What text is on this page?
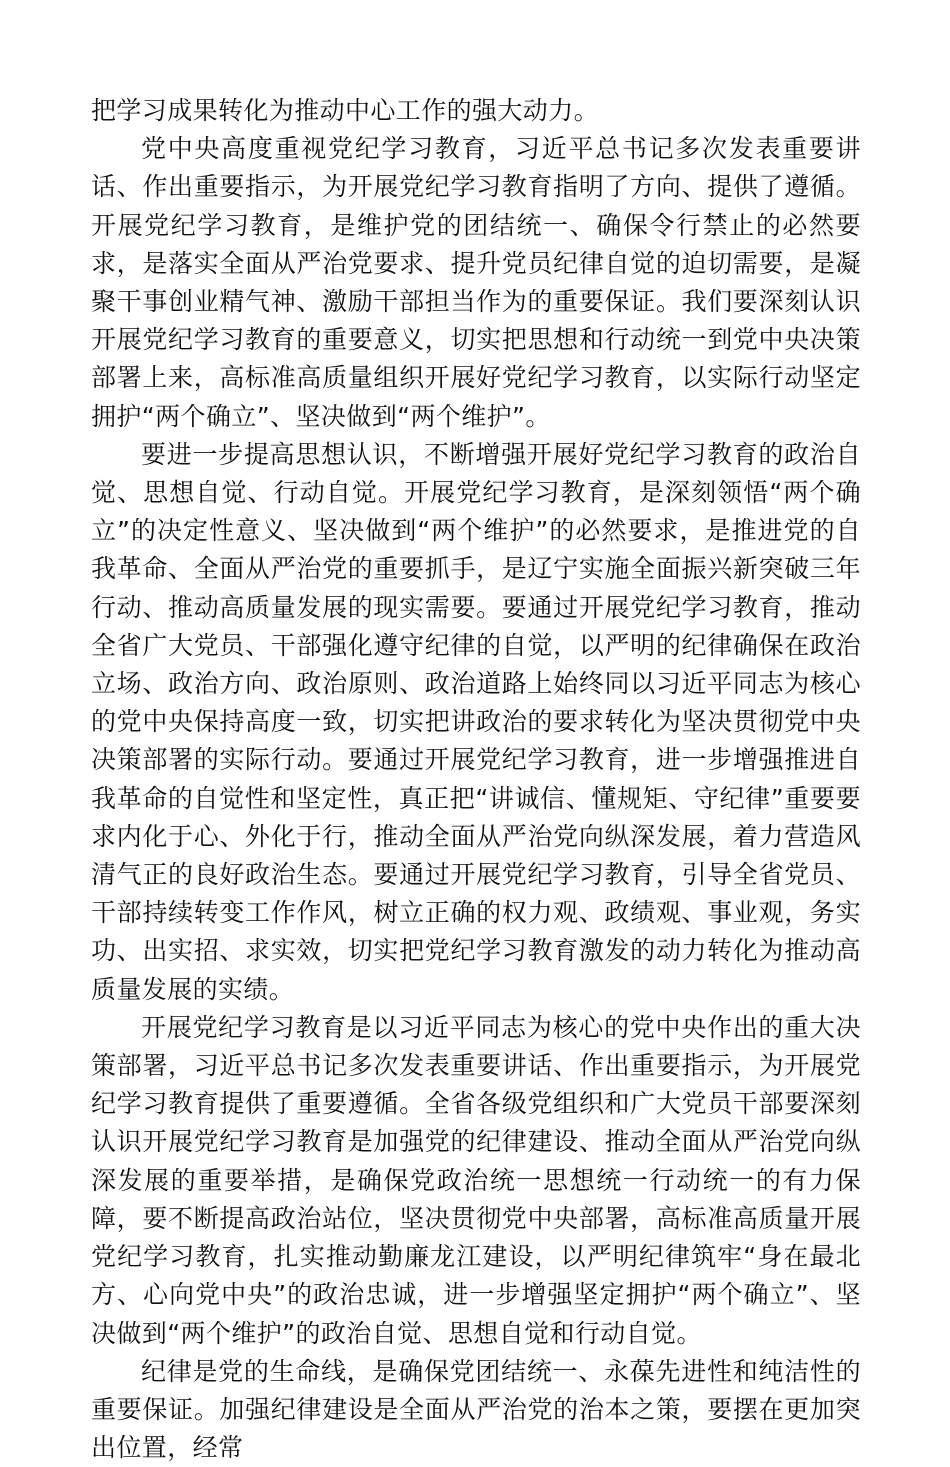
把学习成果转化为推动中心工作的强大动力。

党中央高度重视党纪学习教育，习近平总书记多次发表重要讲话、作出重要指示，为开展党纪学习教育指明了方向、提供了遵循。开展党纪学习教育，是维护党的团结统一、确保令行禁止的必然要求，是落实全面从严治党要求、提升党员纪律自觉的迫切需要，是凝聚干事创业精气神、激励干部担当作为的重要保证。我们要深刻认识开展党纪学习教育的重要意义，切实把思想和行动统一到党中央决策部署上来，高标准高质量组织开展好党纪学习教育，以实际行动坚定拥护“两个确立”、坚决做到“两个维护”。

要进一步提高思想认识，不断增强开展好党纪学习教育的政治自觉、思想自觉、行动自觉。开展党纪学习教育，是深刻领悟“两个确立”的决定性意义、坚决做到“两个维护”的必然要求，是推进党的自我革命、全面从严治党的重要抓手，是辽宁实施全面振兴新突破三年行动、推动高质量发展的现实需要。要通过开展党纪学习教育，推动全省广大党员、干部强化遵守纪律的自觉，以严明的纪律确保在政治立场、政治方向、政治原则、政治道路上始终同以习近平同志为核心的党中央保持高度一致，切实把讲政治的要求转化为坚决贯彻党中央决策部署的实际行动。要通过开展党纪学习教育，进一步增强推进自我革命的自觉性和坚定性，真正把“讲诚信、懂规矩、守纪律”重要要求内化于心、外化于行，推动全面从严治党向纵深发展，着力营造风清气正的良好政治生态。要通过开展党纪学习教育，引导全省党员、干部持续转变工作作风，树立正确的权力观、政绩观、事业观，务实功、出实招、求实效，切实把党纪学习教育激发的动力转化为推动高质量发展的实绩。

开展党纪学习教育是以习近平同志为核心的党中央作出的重大决策部署，习近平总书记多次发表重要讲话、作出重要指示，为开展党纪学习教育提供了重要遵循。全省各级党组织和广大党员干部要深刻认识开展党纪学习教育是加强党的纪律建设、推动全面从严治党向纵深发展的重要举措，是确保党政治统一思想统一行动统一的有力保障，要不断提高政治站位，坚决贯彻党中央部署，高标准高质量开展党纪学习教育，扎实推动勤廉龙江建设，以严明纪律筑牢“身在最北方、心向党中央”的政治忠诚，进一步增强坚定拥护“两个确立”、坚决做到“两个维护”的政治自觉、思想自觉和行动自觉。

纪律是党的生命线，是确保党团结统一、永葆先进性和纯洁性的重要保证。加强纪律建设是全面从严治党的治本之策，要摆在更加突出位置，经常
